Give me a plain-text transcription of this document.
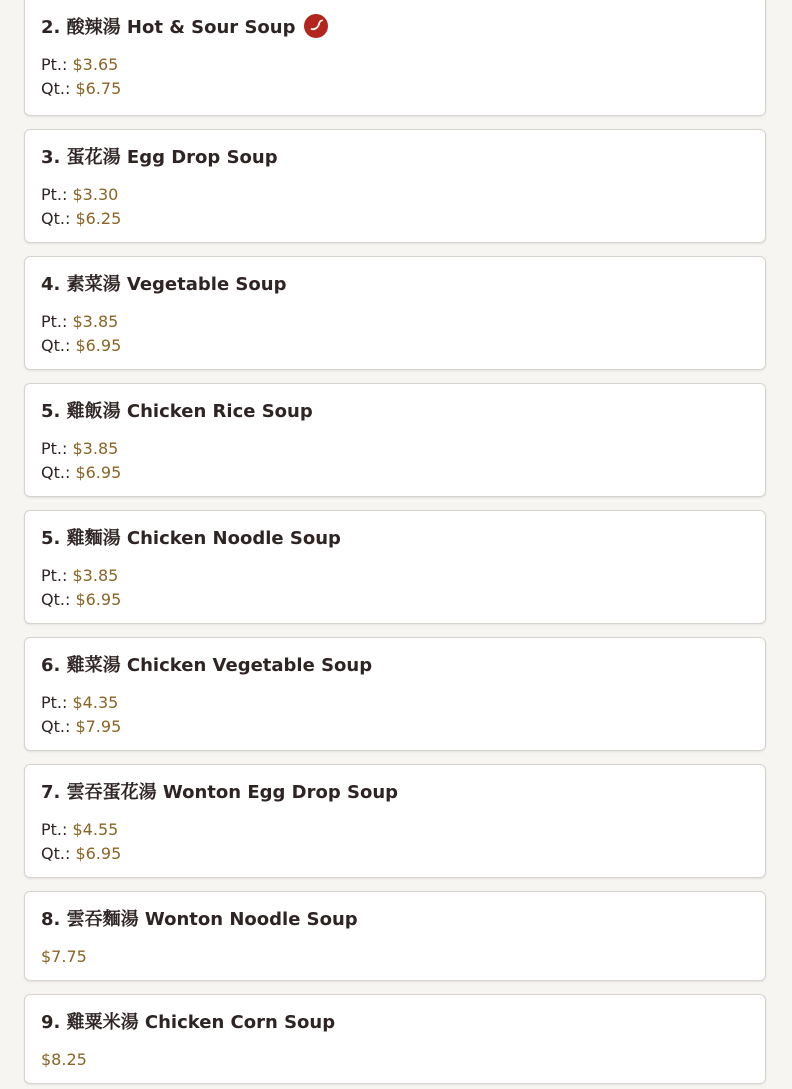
2. 酸辣湯 Hot & Sour Soup
Pt.: $3.65
Qt.: $6.75
3. 蛋花湯 Egg Drop Soup
Pt.: $3.30
Qt.: $6.25
4. 素菜湯 Vegetable Soup
Pt.: $3.85
Qt.: $6.95
5. 雞飯湯 Chicken Rice Soup
Pt.: $3.85
Qt.: $6.95
5. 雞麵湯 Chicken Noodle Soup
Pt.: $3.85
Qt.: $6.95
6. 雞菜湯 Chicken Vegetable Soup
Pt.: $4.35
Qt.: $7.95
7. 雲吞蛋花湯 Wonton Egg Drop Soup
Pt.: $4.55
Qt.: $6.95
8. 雲吞麵湯 Wonton Noodle Soup
$7.75
9. 雞粟米湯 Chicken Corn Soup
$8.25
